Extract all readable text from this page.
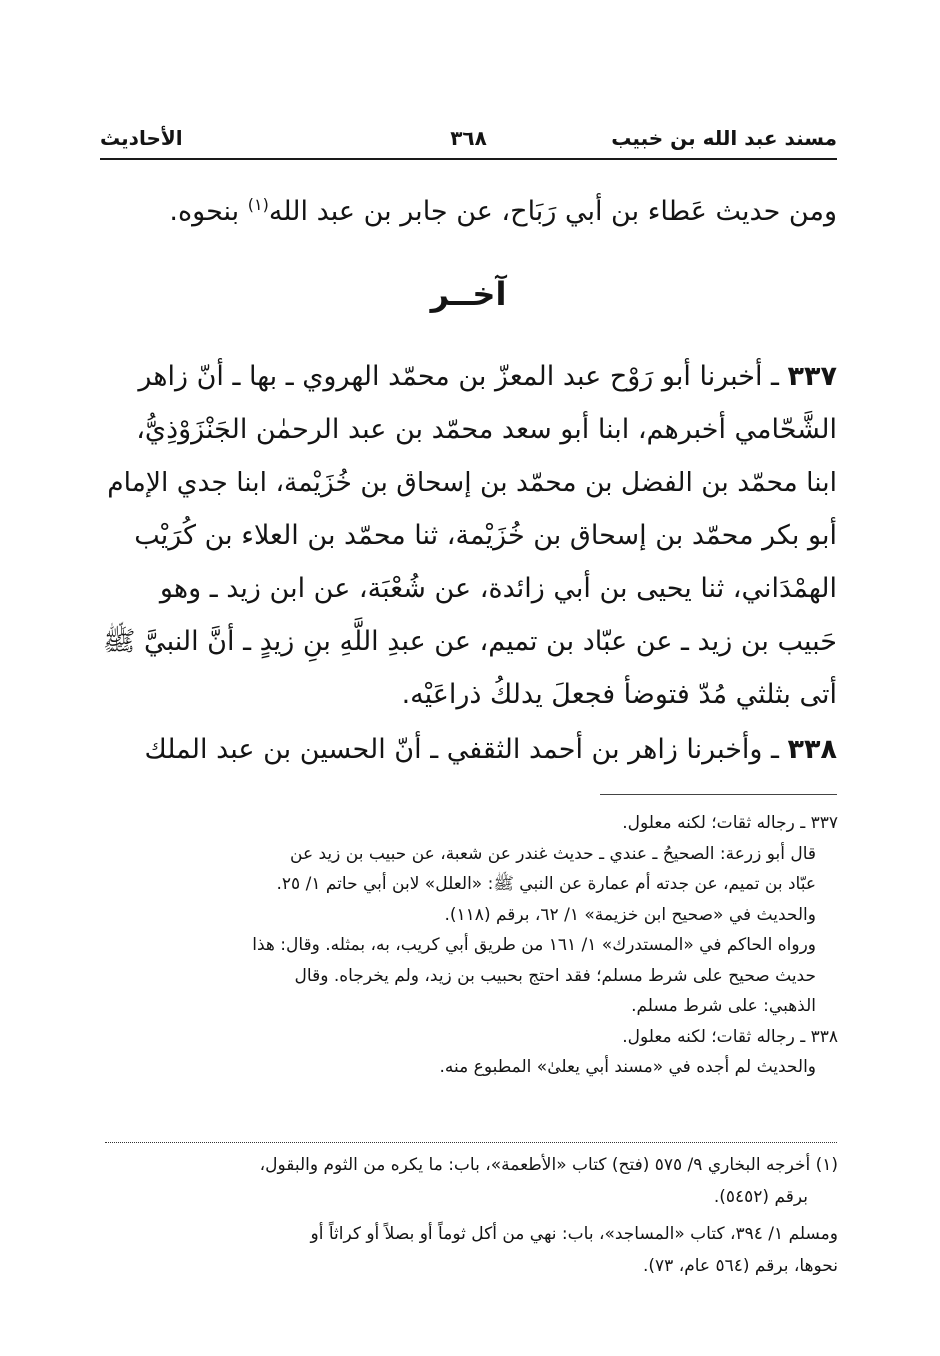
مسند عبد الله بن خبيب
٣٦٨
الأحاديث
ومن حديث عَطاء بن أبي رَبَاح، عن جابر بن عبد الله$^{(١)}$ بنحوه.
آخــر
٣٣٧ ـ أخبرنا أبو رَوْح عبد المعزّ بن محمّد الهروي ـ بها ـ أنّ زاهر
الشَّحّامي أخبرهم، ابنا أبو سعد محمّد بن عبد الرحمٰن الجَنْزَوْذِيُّ،
ابنا محمّد بن الفضل بن محمّد بن إسحاق بن خُزَيْمة، ابنا جدي الإمام
أبو بكر محمّد بن إسحاق بن خُزَيْمة، ثنا محمّد بن العلاء بن كُرَيْب
الهمْدَاني، ثنا يحيى بن أبي زائدة، عن شُعْبَة، عن ابن زيد ـ وهو
حَبيب بن زيد ـ عن عبّاد بن تميم، عن عبدِ اللَّهِ بنِ زيدٍ ـ أنَّ النبيَّ ﷺ
أتى بثلثي مُدّ فتوضأ فجعلَ يدلكُ ذراعَيْه.
٣٣٨ ـ وأخبرنا زاهر بن أحمد الثقفي ـ أنّ الحسين بن عبد الملك
٣٣٧ ـ رجاله ثقات؛ لكنه معلول.
قال أبو زرعة: الصحيحُ ـ عندي ـ حديث غندر عن شعبة، عن حبيب بن زيد عن
عبّاد بن تميم، عن جدته أم عمارة عن النبي ﷺ: «العلل» لابن أبي حاتم ١/ ٢٥.
والحديث في «صحيح ابن خزيمة» ١/ ٦٢، برقم (١١٨).
ورواه الحاكم في «المستدرك» ١/ ١٦١ من طريق أبي كريب، به، بمثله. وقال: هذا
حديث صحيح على شرط مسلم؛ فقد احتج بحبيب بن زيد، ولم يخرجاه. وقال
الذهبي: على شرط مسلم.
٣٣٨ ـ رجاله ثقات؛ لكنه معلول.
والحديث لم أجده في «مسند أبي يعلىٰ» المطبوع منه.
(١) أخرجه البخاري ٩/ ٥٧٥ (فتح) كتاب «الأطعمة»، باب: ما يكره من الثوم والبقول،
برقم (٥٤٥٢).
ومسلم ١/ ٣٩٤، كتاب «المساجد»، باب: نهي من أكل ثوماً أو بصلاً أو كراثاً أو
نحوها، برقم (٥٦٤ عام، ٧٣).
